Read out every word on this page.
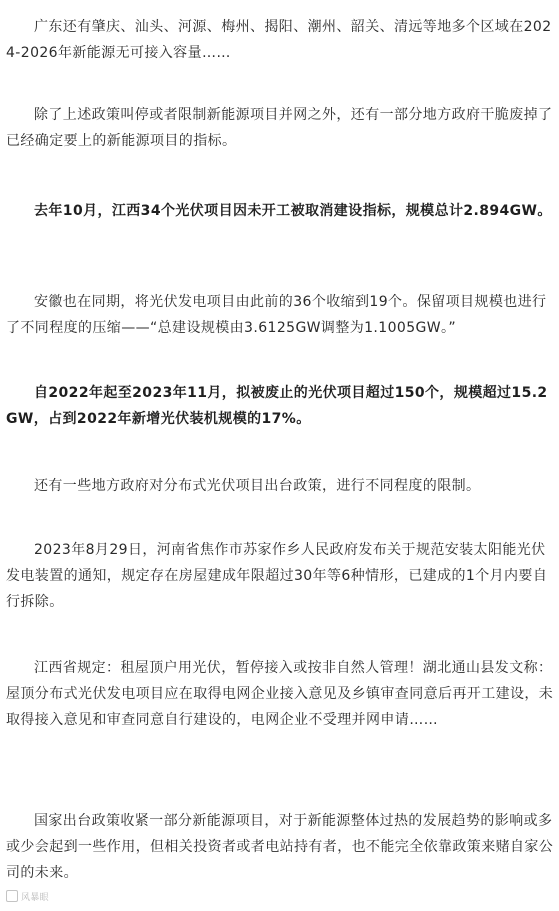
广东还有肇庆、汕头、河源、梅州、揭阳、潮州、韶关、清远等地多个区域在2024-2026年新能源无可接入容量……

除了上述政策叫停或者限制新能源项目并网之外，还有一部分地方政府干脆废掉了已经确定要上的新能源项目的指标。

去年10月，江西34个光伏项目因未开工被取消建设指标，规模总计2.894GW。

安徽也在同期，将光伏发电项目由此前的36个收缩到19个。保留项目规模也进行了不同程度的压缩——“总建设规模由3.6125GW调整为1.1005GW。”

自2022年起至2023年11月，拟被废止的光伏项目超过150个，规模超过15.2GW，占到2022年新增光伏装机规模的17%。

还有一些地方政府对分布式光伏项目出台政策，进行不同程度的限制。

2023年8月29日，河南省焦作市苏家作乡人民政府发布关于规范安装太阳能光伏发电装置的通知，规定存在房屋建成年限超过30年等6种情形，已建成的1个月内要自行拆除。

江西省规定：租屋顶户用光伏，暂停接入或按非自然人管理！湖北通山县发文称：屋顶分布式光伏发电项目应在取得电网企业接入意见及乡镇审查同意后再开工建设，未取得接入意见和审查同意自行建设的，电网企业不受理并网申请……

国家出台政策收紧一部分新能源项目，对于新能源整体过热的发展趋势的影响或多或少会起到一些作用，但相关投资者或者电站持有者，也不能完全依靠政策来赌自家公司的未来。

风暴眼
